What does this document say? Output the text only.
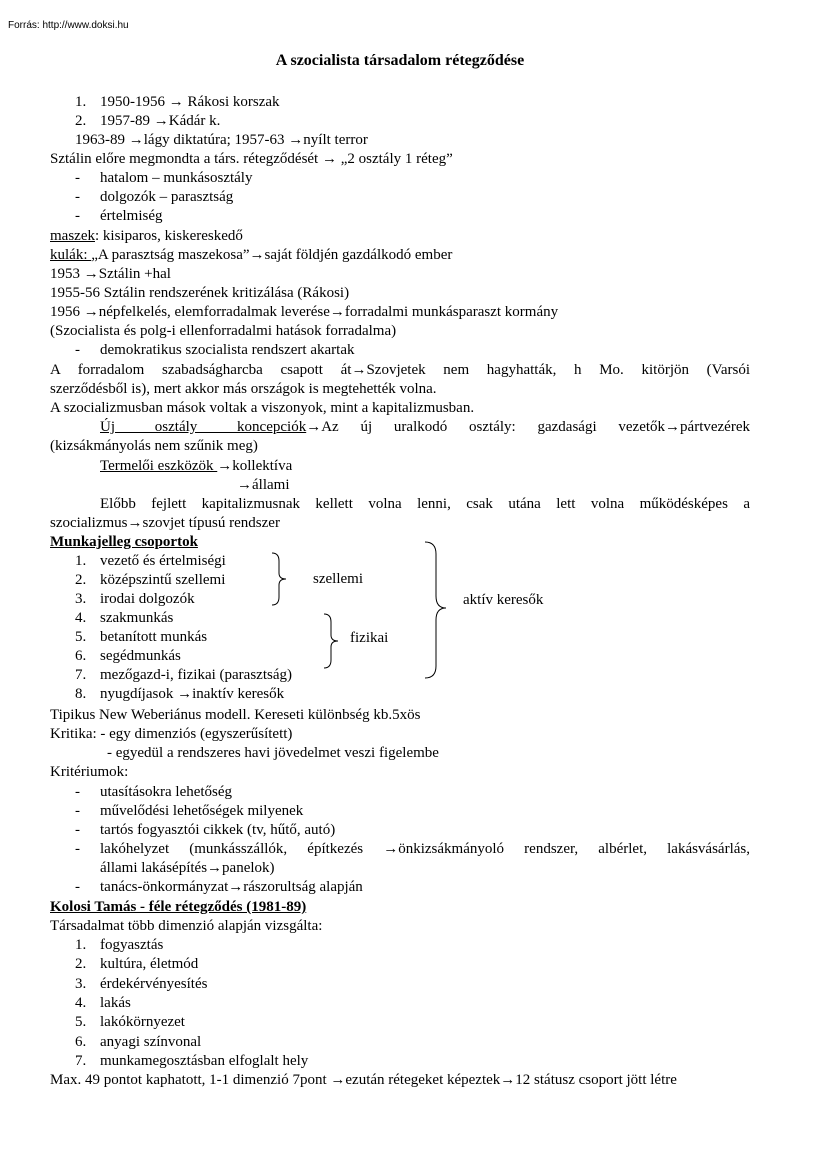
Forrás: http://www.doksi.hu
A szocialista társadalom rétegződése
1. 1950-1956 → Rákosi korszak
2. 1957-89 →Kádár k.
1963-89 →lágy diktatúra; 1957-63 →nyílt terror
Sztálin előre megmondta a társ. rétegződését → „2 osztály 1 réteg”
- hatalom – munkásosztály
- dolgozók – parasztság
- értelmiség
maszek: kisiparos, kiskereskedő
kulák: „A parasztság maszekosa”→saját földjén gazdálkodó ember
1953 →Sztálin +hal
1955-56 Sztálin rendszerének kritizálása (Rákosi)
1956 →népfelkelés, elemforradalmak leverése→forradalmi munkásparaszt kormány
(Szocialista és polg-i ellenforradalmi hatások forradalma)
- demokratikus szocialista rendszert akartak
A forradalom szabadságharcba csapott át→Szovjetek nem hagyhatták, h Mo. kitörjön (Varsói
szerződésből is), mert akkor más országok is megtehették volna.
A szocializmusban mások voltak a viszonyok, mint a kapitalizmusban.
Új osztály koncepciók→Az új uralkodó osztály: gazdasági vezetők→pártvezérek
(kizsákmányolás nem szűnik meg)
Termelői eszközök →kollektíva
→állami
Előbb fejlett kapitalizmusnak kellett volna lenni, csak utána lett volna működésképes a
szocializmus→szovjet típusú rendszer
Munkajelleg csoportok
1. vezető és értelmiségi
2. középszintű szellemi
3. irodai dolgozók
4. szakmunkás
5. betanított munkás
6. segédmunkás
7. mezőgazd-i, fizikai (parasztság)
8. nyugdíjasok →inaktív keresők
szellemi
fizikai
aktív keresők
Tipikus New Weberiánus modell. Kereseti különbség kb.5xös
Kritika: - egy dimenziós (egyszerűsített)
- egyedül a rendszeres havi jövedelmet veszi figelembe
Kritériumok:
- utasításokra lehetőség
- művelődési lehetőségek milyenek
- tartós fogyasztói cikkek (tv, hűtő, autó)
- lakóhelyzet (munkásszállók, építkezés →önkizsákmányoló rendszer, albérlet, lakásvásárlás,
állami lakásépítés→panelok)
- tanács-önkormányzat→rászorultság alapján
Kolosi Tamás - féle rétegződés (1981-89)
Társadalmat több dimenzió alapján vizsgálta:
1. fogyasztás
2. kultúra, életmód
3. érdekérvényesítés
4. lakás
5. lakókörnyezet
6. anyagi színvonal
7. munkamegosztásban elfoglalt hely
Max. 49 pontot kaphatott, 1-1 dimenzió 7pont →ezután rétegeket képeztek→12 státusz csoport jött létre
